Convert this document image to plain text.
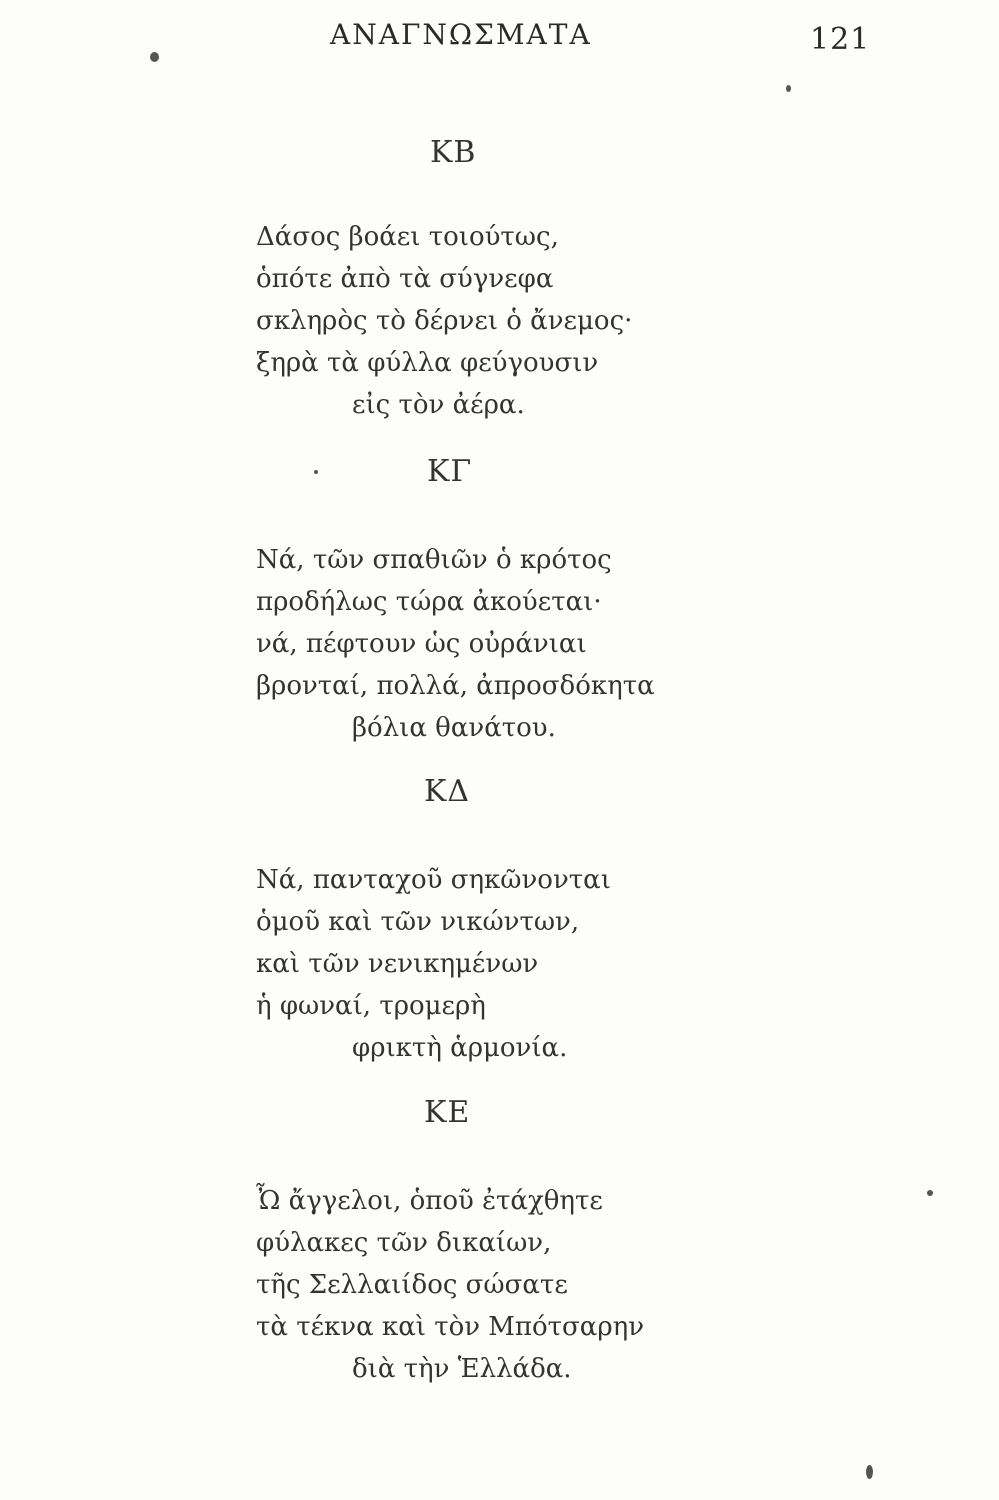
ΑΝΑΓΝΩΣΜΑΤΑ	121
ΚΒ
Δάσος βοάει τοιούτως,
ὁπότε ἀπὸ τὰ σύγνεφα
σκληρὸς τὸ δέρνει ὁ ἄνεμος·
ξηρὰ τὰ φύλλα φεύγουσιν
εἰς τὸν ἀέρα.
ΚΓ
Νά, τῶν σπαθιῶν ὁ κρότος
προδήλως τώρα ἀκούεται·
νά, πέφτουν ὡς οὐράνιαι
βρονταί, πολλά, ἀπροσδόκητα
βόλια θανάτου.
ΚΔ
Νά, πανταχοῦ σηκῶνονται
ὁμοῦ καὶ τῶν νικώντων,
καὶ τῶν νενικημένων
ἡ φωναί, τρομερὴ
φρικτὴ ἁρμονία.
ΚΕ
Ὦ ἄγγελοι, ὁποῦ ἐτάχθητε
φύλακες τῶν δικαίων,
τῆς Σελλαιίδος σώσατε
τὰ τέκνα καὶ τὸν Μπότσαρην
διὰ τὴν Ἑλλάδα.
